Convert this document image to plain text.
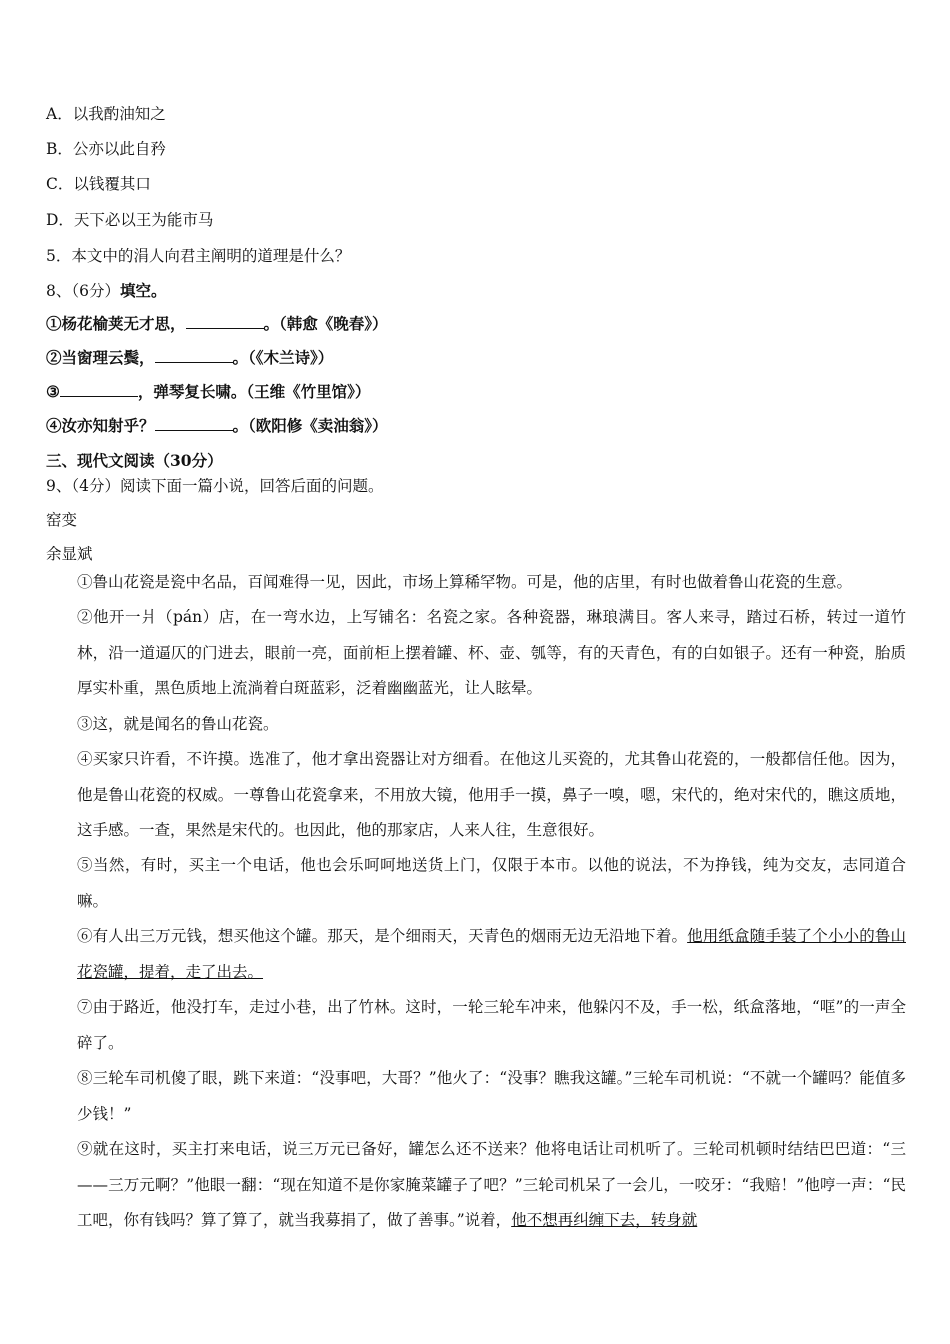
A．以我酌油知之
B．公亦以此自矜
C．以钱覆其口
D．天下必以王为能市马
5．本文中的涓人向君主阐明的道理是什么？
8、（6分）填空。
①杨花榆荚无才思，	。（韩愈《晚春》）
②当窗理云鬓，	。（《木兰诗》）
③	，弹琴复长啸。（王维《竹里馆》）
④汝亦知射乎？	。（欧阳修《卖油翁》）
三、现代文阅读（30分）
9、（4分）阅读下面一篇小说，回答后面的问题。
窑变
余显斌
①鲁山花瓷是瓷中名品，百闻难得一见，因此，市场上算稀罕物。可是，他的店里，有时也做着鲁山花瓷的生意。
②他开一爿（pán）店，在一弯水边，上写铺名：名瓷之家。各种瓷器，琳琅满目。客人来寻，踏过石桥，转过一道竹林，沿一道逼仄的门进去，眼前一亮，面前柜上摆着罐、杯、壶、瓠等，有的天青色，有的白如银子。还有一种瓷，胎质厚实朴重，黑色质地上流淌着白斑蓝彩，泛着幽幽蓝光，让人眩晕。
③这，就是闻名的鲁山花瓷。
④买家只许看，不许摸。选准了，他才拿出瓷器让对方细看。在他这儿买瓷的，尤其鲁山花瓷的，一般都信任他。因为，他是鲁山花瓷的权威。一尊鲁山花瓷拿来，不用放大镜，他用手一摸，鼻子一嗅，嗯，宋代的，绝对宋代的，瞧这质地，这手感。一查，果然是宋代的。也因此，他的那家店，人来人往，生意很好。
⑤当然，有时，买主一个电话，他也会乐呵呵地送货上门，仅限于本市。以他的说法，不为挣钱，纯为交友，志同道合嘛。
⑥有人出三万元钱，想买他这个罐。那天，是个细雨天，天青色的烟雨无边无沿地下着。他用纸盒随手装了个小小的鲁山花瓷罐，提着，走了出去。
⑦由于路近，他没打车，走过小巷，出了竹林。这时，一轮三轮车冲来，他躲闪不及，手一松，纸盒落地，“哐”的一声全碎了。
⑧三轮车司机傻了眼，跳下来道：“没事吧，大哥？”他火了：“没事？瞧我这罐。”三轮车司机说：“不就一个罐吗？能值多少钱！”
⑨就在这时，买主打来电话，说三万元已备好，罐怎么还不送来？他将电话让司机听了。三轮司机顿时结结巴巴道：“三——三万元啊？”他眼一翻：“现在知道不是你家腌菜罐子了吧？”三轮司机呆了一会儿，一咬牙：“我赔！”他哼一声：“民工吧，你有钱吗？算了算了，就当我募捐了，做了善事。”说着，他不想再纠缠下去，转身就
